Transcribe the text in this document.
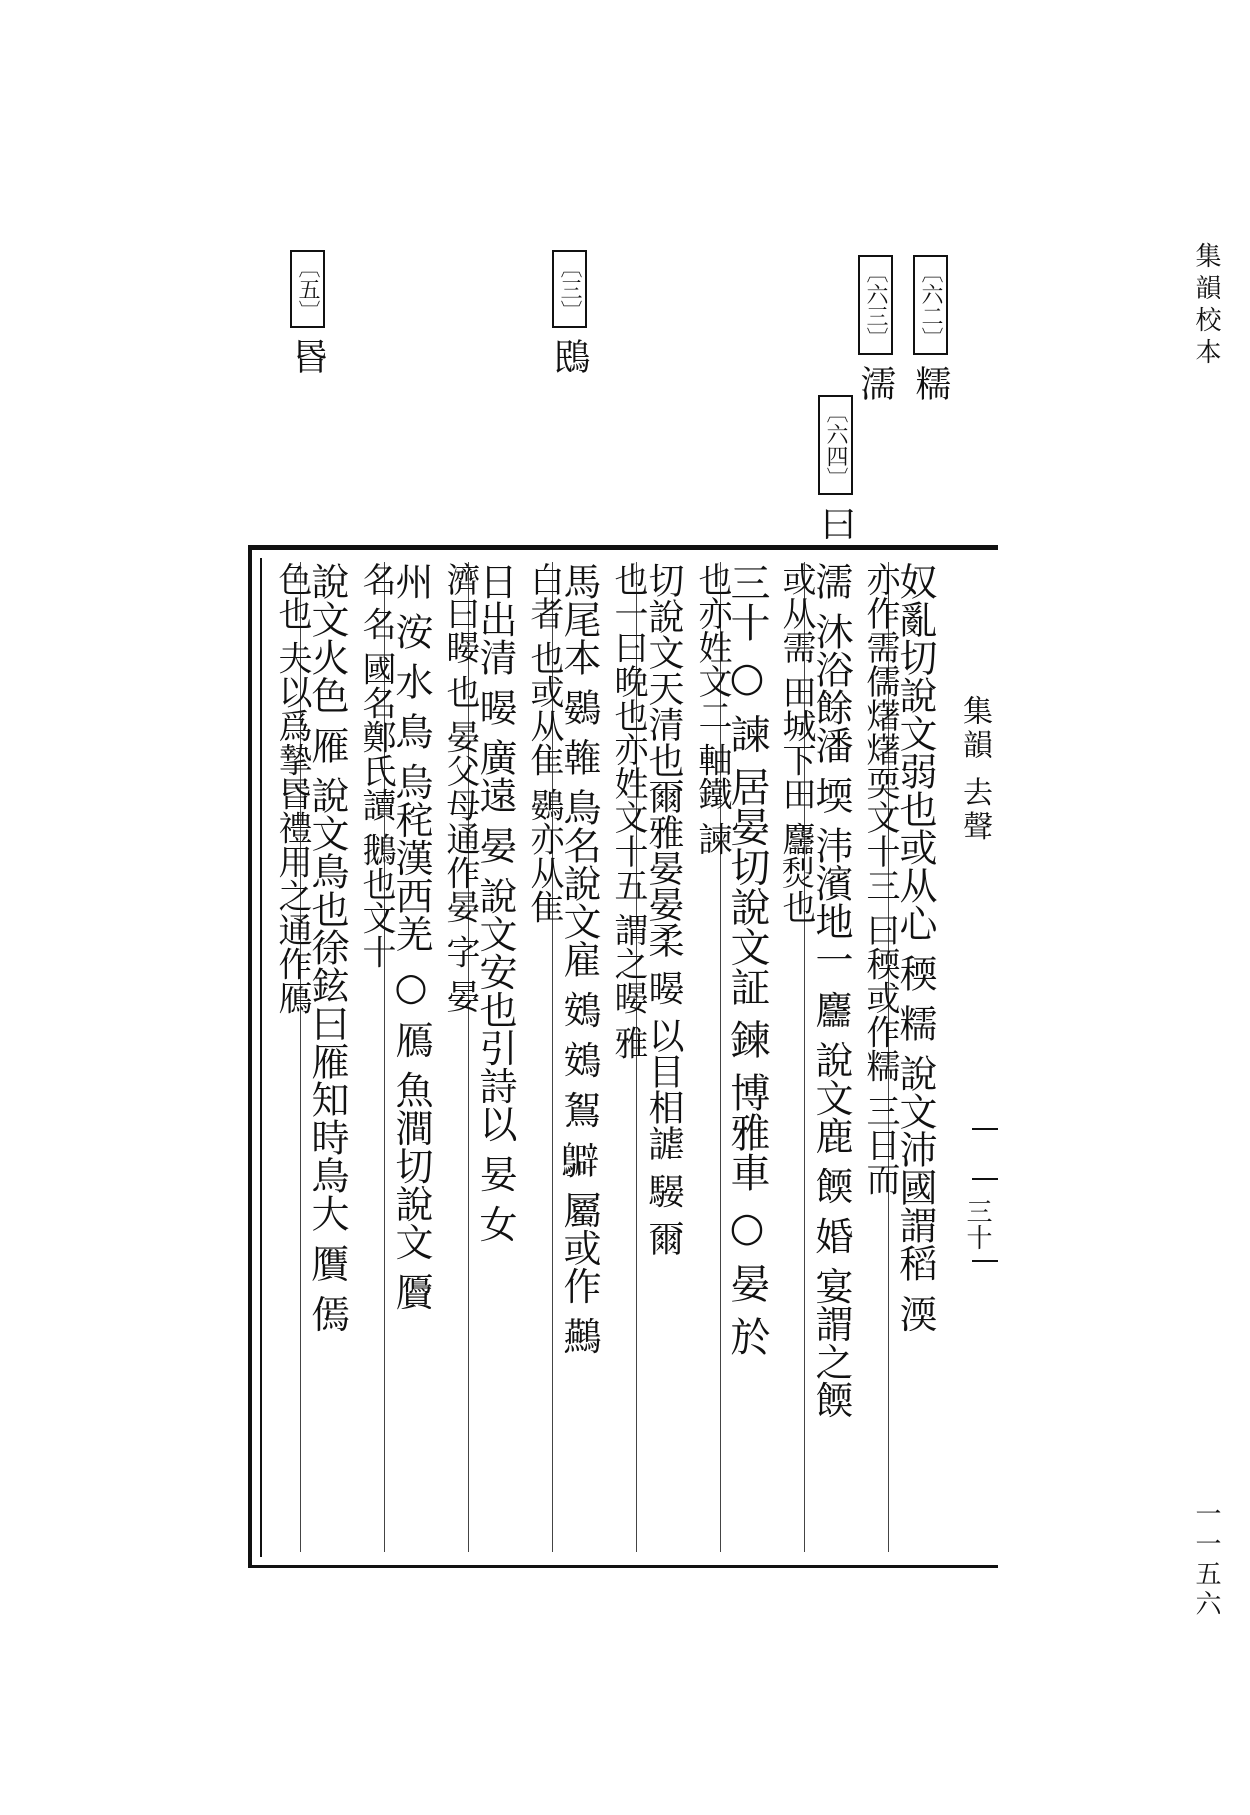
集韻校本
一一五六
〔六二〕糯
〔六三〕濡
〔六四〕曰
〔三〕鴖
〔五〕昬
集韻 去聲
三十
奴亂切說文弱也或从心 稬 糯 說文沛國謂稻 渜
亦作需儒𤏸𤏸耎文十三 曰稬或作糯 三日而
濡 沐浴餘潘 堧 𣲗濱地一 麢 說文鹿 餪 婚 宴謂之餪
或从需 田城下田 麢𤉌也
三十 ○ 諫 居晏切說文証 鍊 博雅車 ○ 晏 於
也亦姓文二 軸鐵 諫
切說文天清也爾雅晏晏柔 暥 以目相謔 騴 爾
也一曰晚也亦姓文十五 謂之暥 雅
馬尾本 鷃 雗 鳥名說文雇 鴳 鴳 鴽 𪇊 屬或作 䴏
白者 也或从隹 鷃亦从隹
日出清 暥 廣遠 晏 說文安也引詩以 妟 女
濟曰䁙 也 晏父母通作晏 字 晏
州 洝 水 鳥 烏秺漢西羌 ○ 鴈 魚澗切說文 贗
名 名 國名鄭氏讀 鵝也文十
說文火色 雁 說文鳥也徐鉉曰雁知時鳥大 贋 傿
色也 夫以爲摯昬禮用之通作鴈
